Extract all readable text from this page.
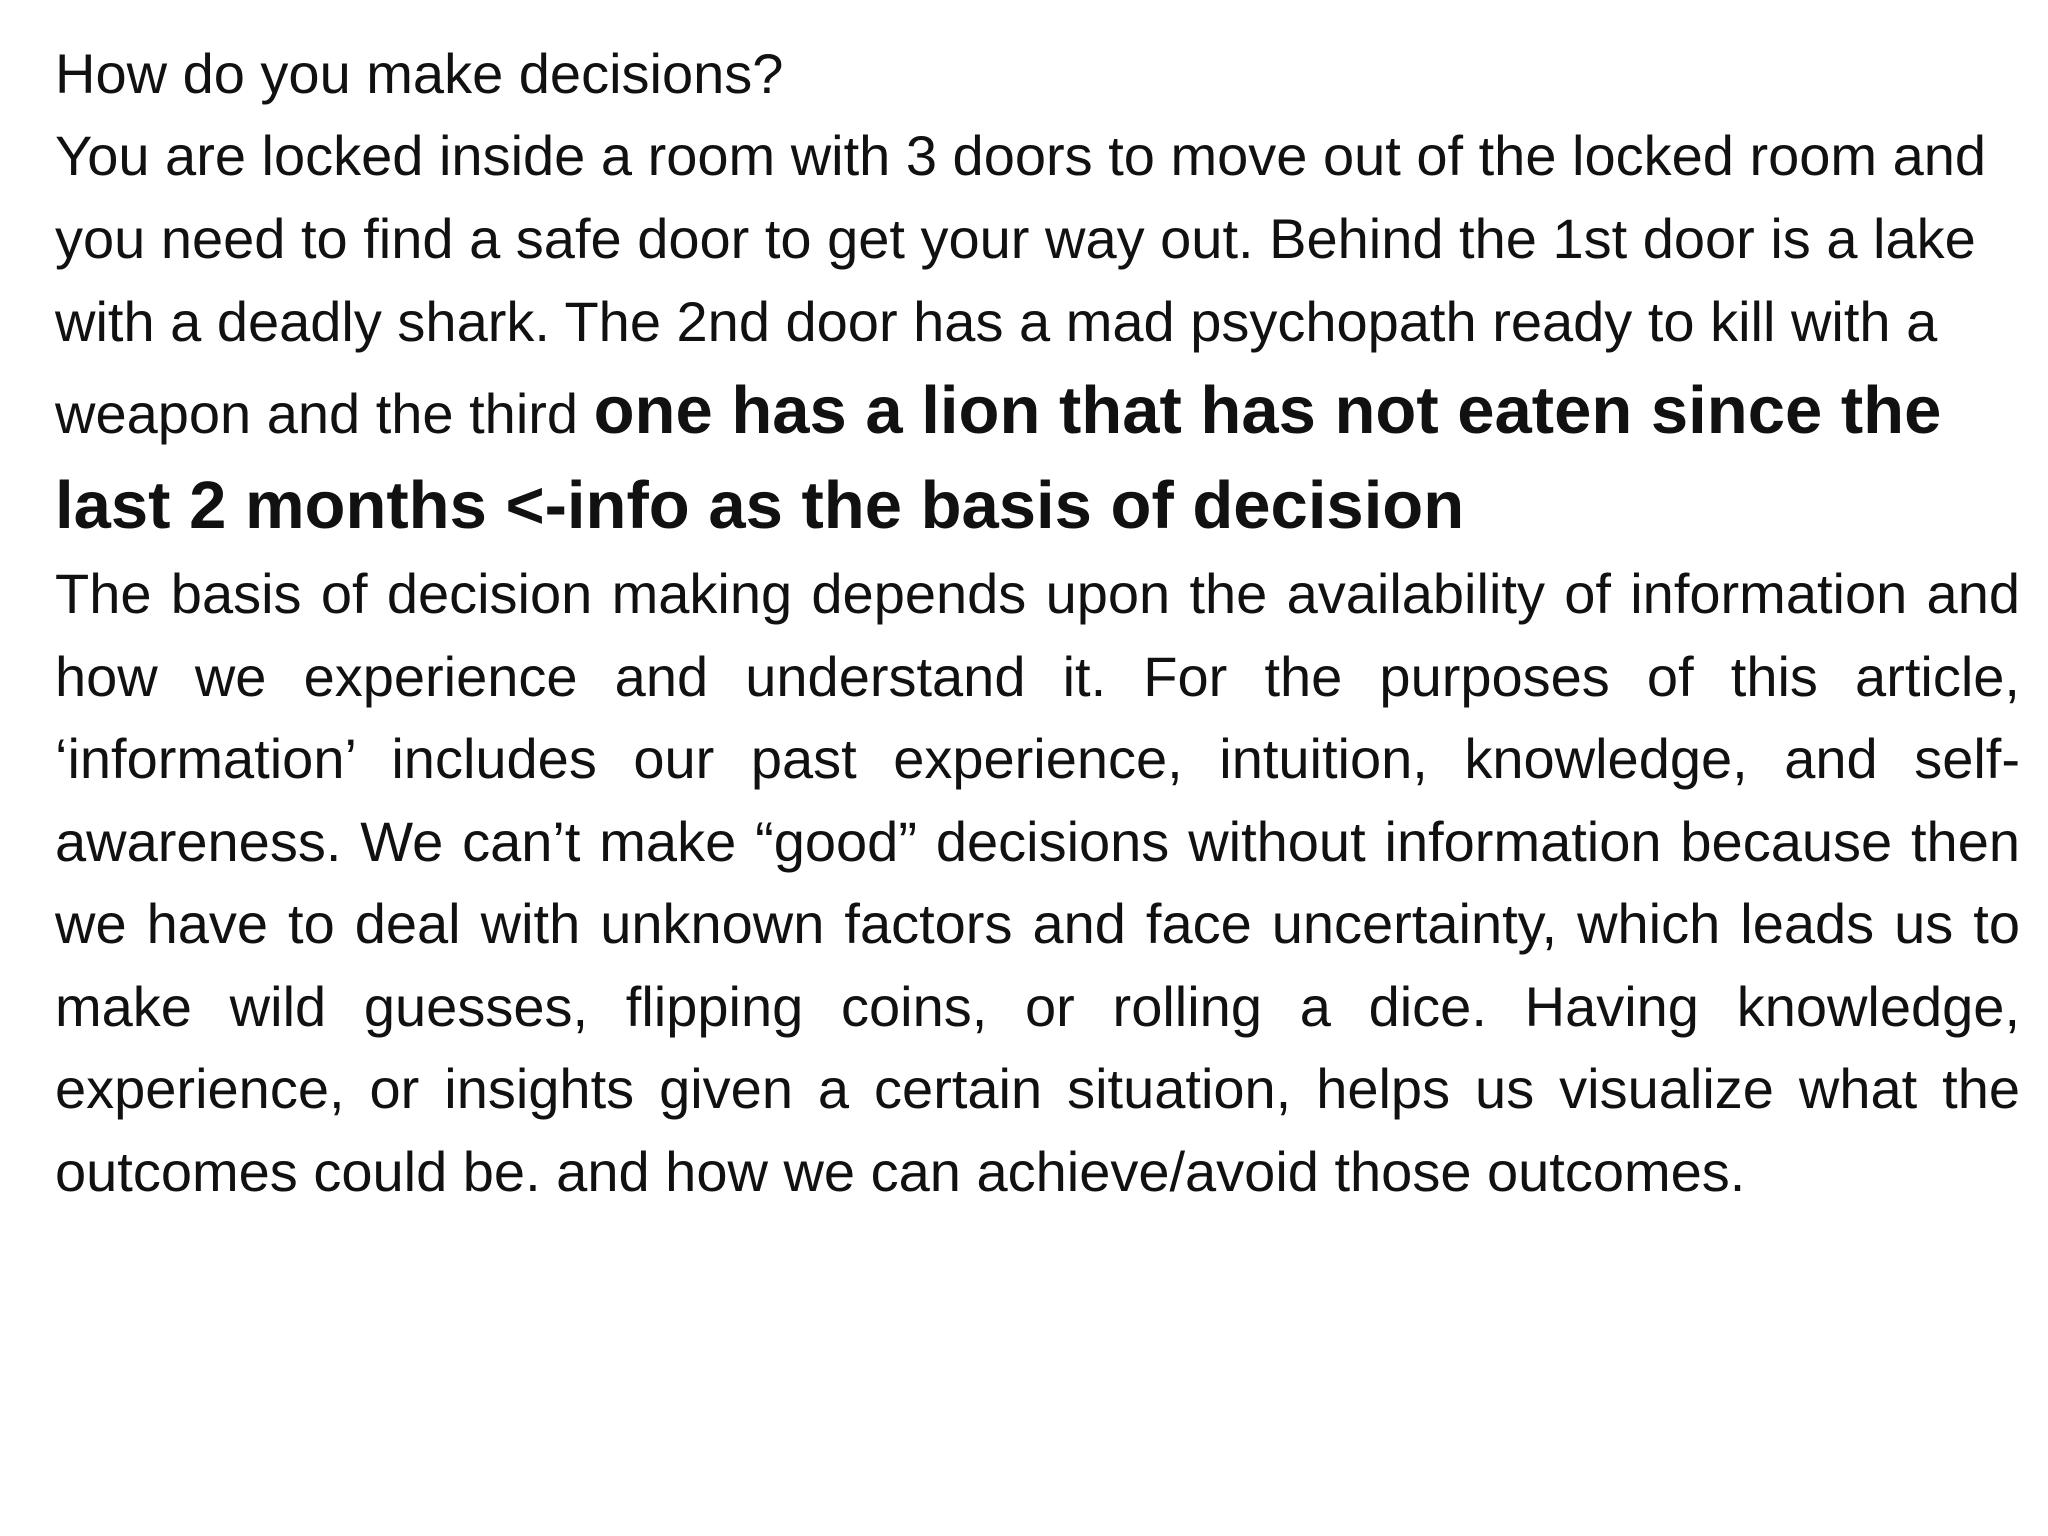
How do you make decisions?

You are locked inside a room with 3 doors to move out of the locked room and you need to find a safe door to get your way out. Behind the 1st door is a lake with a deadly shark. The 2nd door has a mad psychopath ready to kill with a weapon and the third one has a lion that has not eaten since the last 2 months <-info as the basis of decision

The basis of decision making depends upon the availability of information and how we experience and understand it. For the purposes of this article, ‘information’ includes our past experience, intuition, knowledge, and self-awareness. We can’t make “good” decisions without information because then we have to deal with unknown factors and face uncertainty, which leads us to make wild guesses, flipping coins, or rolling a dice. Having knowledge, experience, or insights given a certain situation, helps us visualize what the outcomes could be. and how we can achieve/avoid those outcomes.
